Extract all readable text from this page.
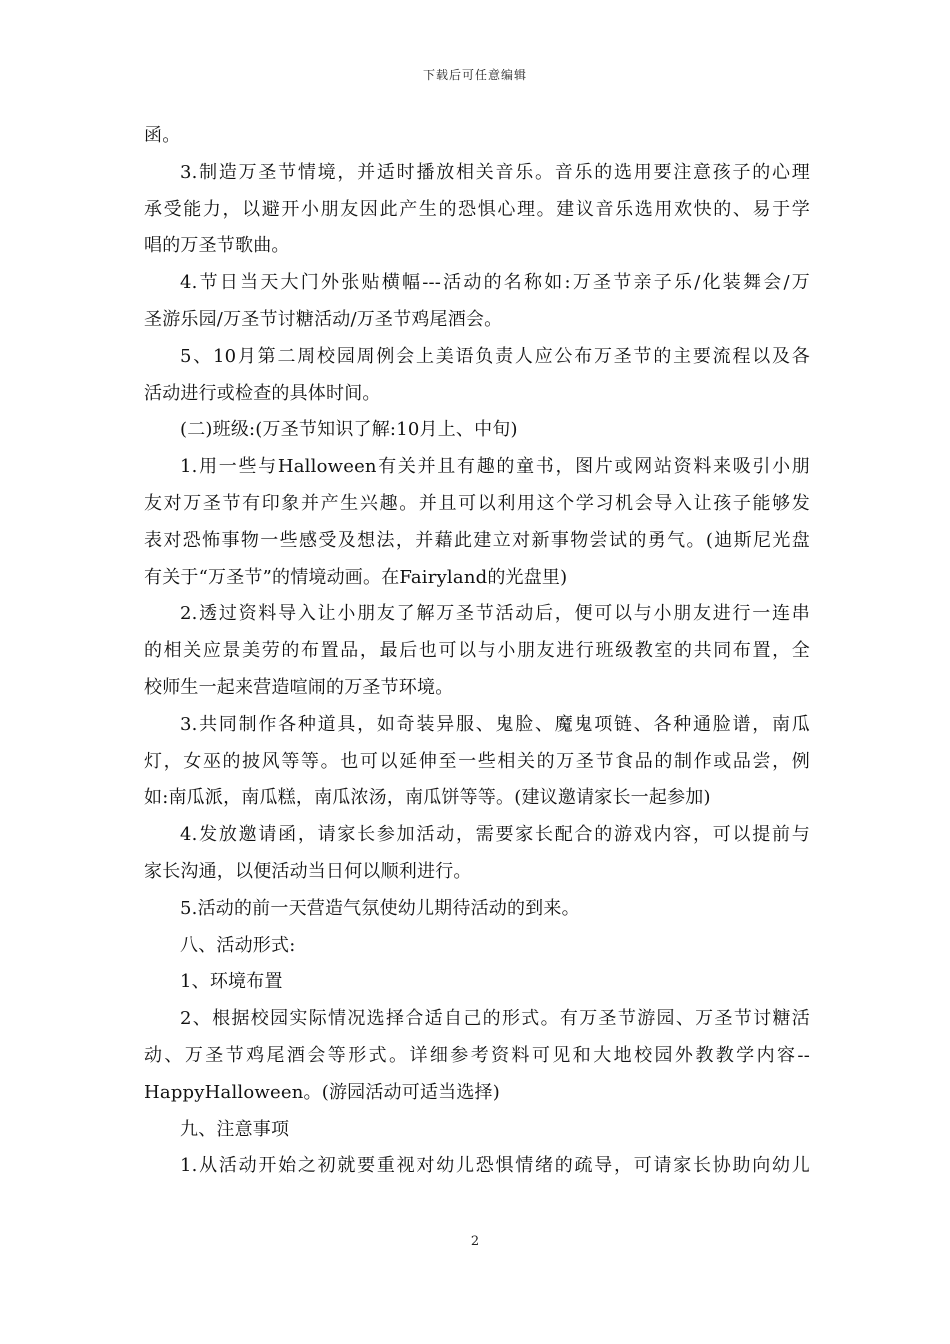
下载后可任意编辑
函。
3.制造万圣节情境，并适时播放相关音乐。音乐的选用要注意孩子的心理
承受能力，以避开小朋友因此产生的恐惧心理。建议音乐选用欢快的、易于学
唱的万圣节歌曲。
4.节日当天大门外张贴横幅---活动的名称如:万圣节亲子乐/化装舞会/万
圣游乐园/万圣节讨糖活动/万圣节鸡尾酒会。
5、10月第二周校园周例会上美语负责人应公布万圣节的主要流程以及各
活动进行或检查的具体时间。
(二)班级:(万圣节知识了解:10月上、中旬)
1.用一些与Halloween有关并且有趣的童书，图片或网站资料来吸引小朋
友对万圣节有印象并产生兴趣。并且可以利用这个学习机会导入让孩子能够发
表对恐怖事物一些感受及想法，并藉此建立对新事物尝试的勇气。(迪斯尼光盘
有关于“万圣节”的情境动画。在Fairyland的光盘里)
2.透过资料导入让小朋友了解万圣节活动后，便可以与小朋友进行一连串
的相关应景美劳的布置品，最后也可以与小朋友进行班级教室的共同布置，全
校师生一起来营造喧闹的万圣节环境。
3.共同制作各种道具，如奇装异服、鬼脸、魔鬼项链、各种通脸谱，南瓜
灯，女巫的披风等等。也可以延伸至一些相关的万圣节食品的制作或品尝，例
如:南瓜派，南瓜糕，南瓜浓汤，南瓜饼等等。(建议邀请家长一起参加)
4.发放邀请函，请家长参加活动，需要家长配合的游戏内容，可以提前与
家长沟通，以便活动当日何以顺利进行。
5.活动的前一天营造气氛使幼儿期待活动的到来。
八、活动形式:
1、环境布置
2、根据校园实际情况选择合适自己的形式。有万圣节游园、万圣节讨糖活
动、万圣节鸡尾酒会等形式。详细参考资料可见和大地校园外教教学内容--
HappyHalloween。(游园活动可适当选择)
九、注意事项
1.从活动开始之初就要重视对幼儿恐惧情绪的疏导，可请家长协助向幼儿
2
